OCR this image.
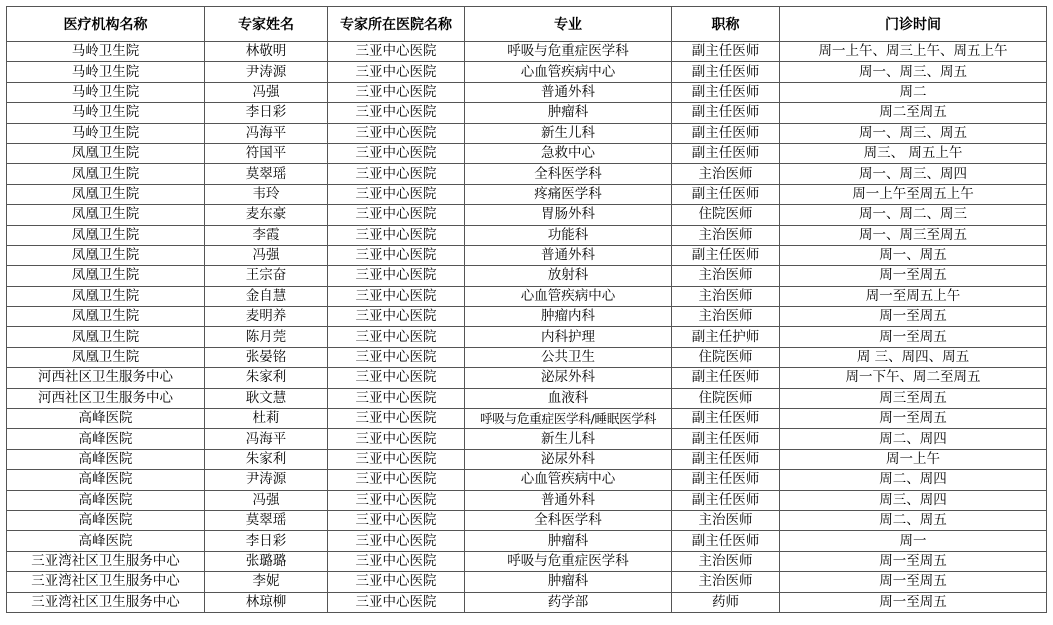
医疗机构名称	专家姓名	专家所在医院名称	专业	职称	门诊时间
马岭卫生院	林敬明	三亚中心医院	呼吸与危重症医学科	副主任医师	周一上午、周三上午、周五上午
马岭卫生院	尹涛源	三亚中心医院	心血管疾病中心	副主任医师	周一、周三、周五
马岭卫生院	冯强	三亚中心医院	普通外科	副主任医师	周二
马岭卫生院	李日彩	三亚中心医院	肿瘤科	副主任医师	周二至周五
马岭卫生院	冯海平	三亚中心医院	新生儿科	副主任医师	周一、周三、周五
凤凰卫生院	符国平	三亚中心医院	急救中心	副主任医师	周三、 周五上午
凤凰卫生院	莫翠瑶	三亚中心医院	全科医学科	主治医师	周一、周三、周四
凤凰卫生院	韦玲	三亚中心医院	疼痛医学科	副主任医师	周一上午至周五上午
凤凰卫生院	麦东豪	三亚中心医院	胃肠外科	住院医师	周一、周二、周三
凤凰卫生院	李霞	三亚中心医院	功能科	主治医师	周一、周三至周五
凤凰卫生院	冯强	三亚中心医院	普通外科	副主任医师	周一、周五
凤凰卫生院	王宗奋	三亚中心医院	放射科	主治医师	周一至周五
凤凰卫生院	金自慧	三亚中心医院	心血管疾病中心	主治医师	周一至周五上午
凤凰卫生院	麦明养	三亚中心医院	肿瘤内科	主治医师	周一至周五
凤凰卫生院	陈月莞	三亚中心医院	内科护理	副主任护师	周一至周五
凤凰卫生院	张晏铭	三亚中心医院	公共卫生	住院医师	周 三、周四、周五
河西社区卫生服务中心	朱家利	三亚中心医院	泌尿外科	副主任医师	周一下午、周二至周五
河西社区卫生服务中心	耿文慧	三亚中心医院	血液科	住院医师	周三至周五
高峰医院	杜莉	三亚中心医院	呼吸与危重症医学科/睡眠医学科	副主任医师	周一至周五
高峰医院	冯海平	三亚中心医院	新生儿科	副主任医师	周二、周四
高峰医院	朱家利	三亚中心医院	泌尿外科	副主任医师	周一上午
高峰医院	尹涛源	三亚中心医院	心血管疾病中心	副主任医师	周二、周四
高峰医院	冯强	三亚中心医院	普通外科	副主任医师	周三、周四
高峰医院	莫翠瑶	三亚中心医院	全科医学科	主治医师	周二、周五
高峰医院	李日彩	三亚中心医院	肿瘤科	副主任医师	周一
三亚湾社区卫生服务中心	张璐璐	三亚中心医院	呼吸与危重症医学科	主治医师	周一至周五
三亚湾社区卫生服务中心	李妮	三亚中心医院	肿瘤科	主治医师	周一至周五
三亚湾社区卫生服务中心	林琼柳	三亚中心医院	药学部	药师	周一至周五
